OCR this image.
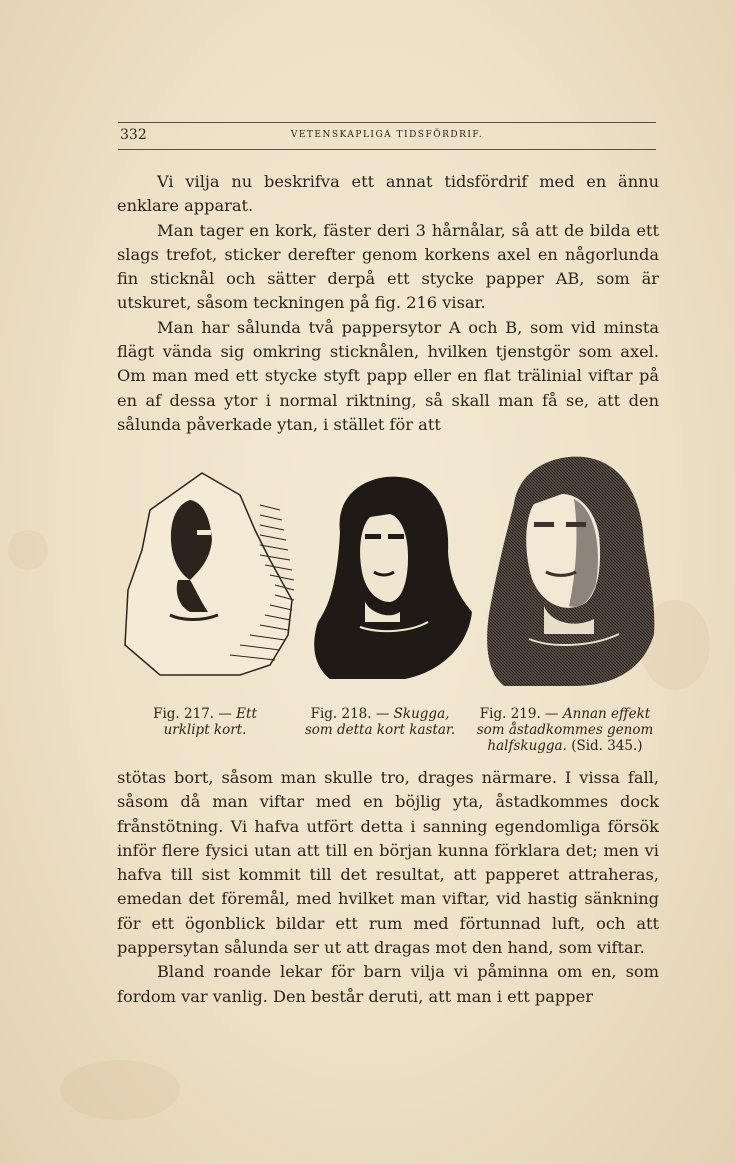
332	VETENSKAPLIGA TIDSFÖRDRIF.

Vi vilja nu beskrifva ett annat tidsfördrif med en ännu enklare apparat.

Man tager en kork, fäster deri 3 hårnålar, så att de bilda ett slags trefot, sticker derefter genom korkens axel en någorlunda fin sticknål och sätter derpå ett stycke papper AB, som är utskuret, såsom teckningen på fig. 216 visar.

Man har sålunda två pappersytor A och B, som vid minsta flägt vända sig omkring sticknålen, hvilken tjenstgör som axel. Om man med ett stycke styft papp eller en flat trälinial viftar på en af dessa ytor i normal riktning, så skall man få se, att den sålunda påverkade ytan, i stället för att

Fig. 217. — Ett urklipt kort.
Fig. 218. — Skugga, som detta kort kastar.
Fig. 219. — Annan effekt som åstadkommes genom halfskugga. (Sid. 345.)

stötas bort, såsom man skulle tro, drages närmare. I vissa fall, såsom då man viftar med en böjlig yta, åstadkommes dock frånstötning. Vi hafva utfört detta i sanning egendomliga försök inför flere fysici utan att till en början kunna förklara det; men vi hafva till sist kommit till det resultat, att papperet attraheras, emedan det föremål, med hvilket man viftar, vid hastig sänkning för ett ögonblick bildar ett rum med förtunnad luft, och att pappersytan sålunda ser ut att dragas mot den hand, som viftar.

Bland roande lekar för barn vilja vi påminna om en, som fordom var vanlig. Den består deruti, att man i ett papper
